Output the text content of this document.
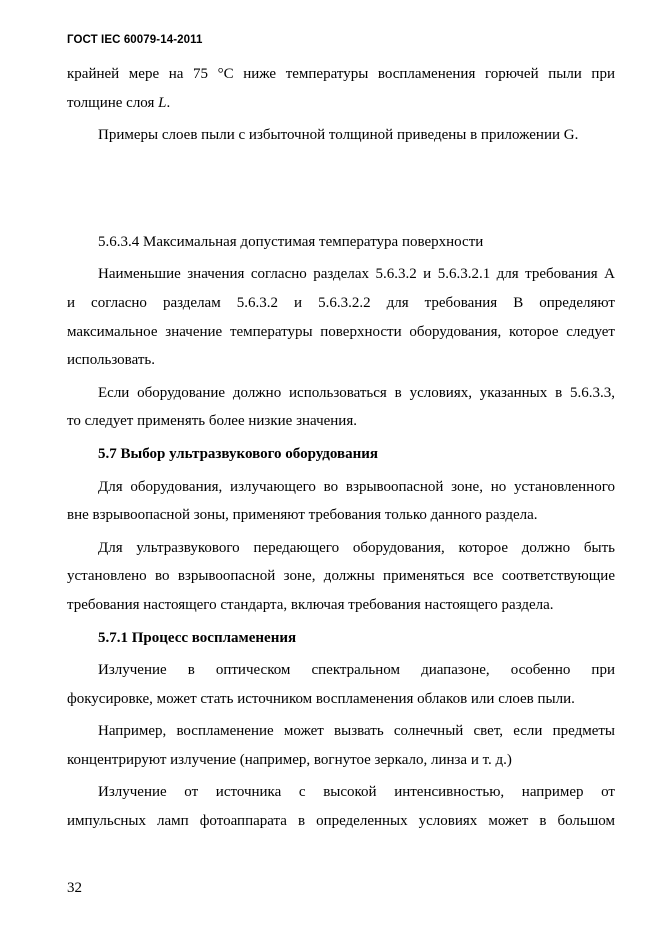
ГОСТ IEC 60079-14-2011
крайней мере на 75 °С ниже температуры воспламенения горючей пыли при
толщине слоя L.
Примеры слоев пыли с избыточной толщиной приведены в приложении G.
5.6.3.4 Максимальная допустимая температура поверхности
Наименьшие значения согласно разделах 5.6.3.2 и 5.6.3.2.1 для требования А
и согласно разделам 5.6.3.2 и 5.6.3.2.2 для требования В определяют
максимальное значение температуры поверхности оборудования, которое следует
использовать.
Если оборудование должно использоваться в условиях, указанных в 5.6.3.3,
то следует применять более низкие значения.
5.7 Выбор ультразвукового оборудования
Для оборудования, излучающего во взрывоопасной зоне, но установленного
вне взрывоопасной зоны, применяют требования только данного раздела.
Для ультразвукового передающего оборудования, которое должно быть
установлено во взрывоопасной зоне, должны применяться все соответствующие
требования настоящего стандарта, включая требования настоящего раздела.
5.7.1 Процесс воспламенения
Излучение в оптическом спектральном диапазоне, особенно при
фокусировке, может стать источником воспламенения облаков или слоев пыли.
Например, воспламенение может вызвать солнечный свет, если предметы
концентрируют излучение (например, вогнутое зеркало, линза и т. д.)
Излучение от источника с высокой интенсивностью, например от
импульсных ламп фотоаппарата в определенных условиях может в большом
32
